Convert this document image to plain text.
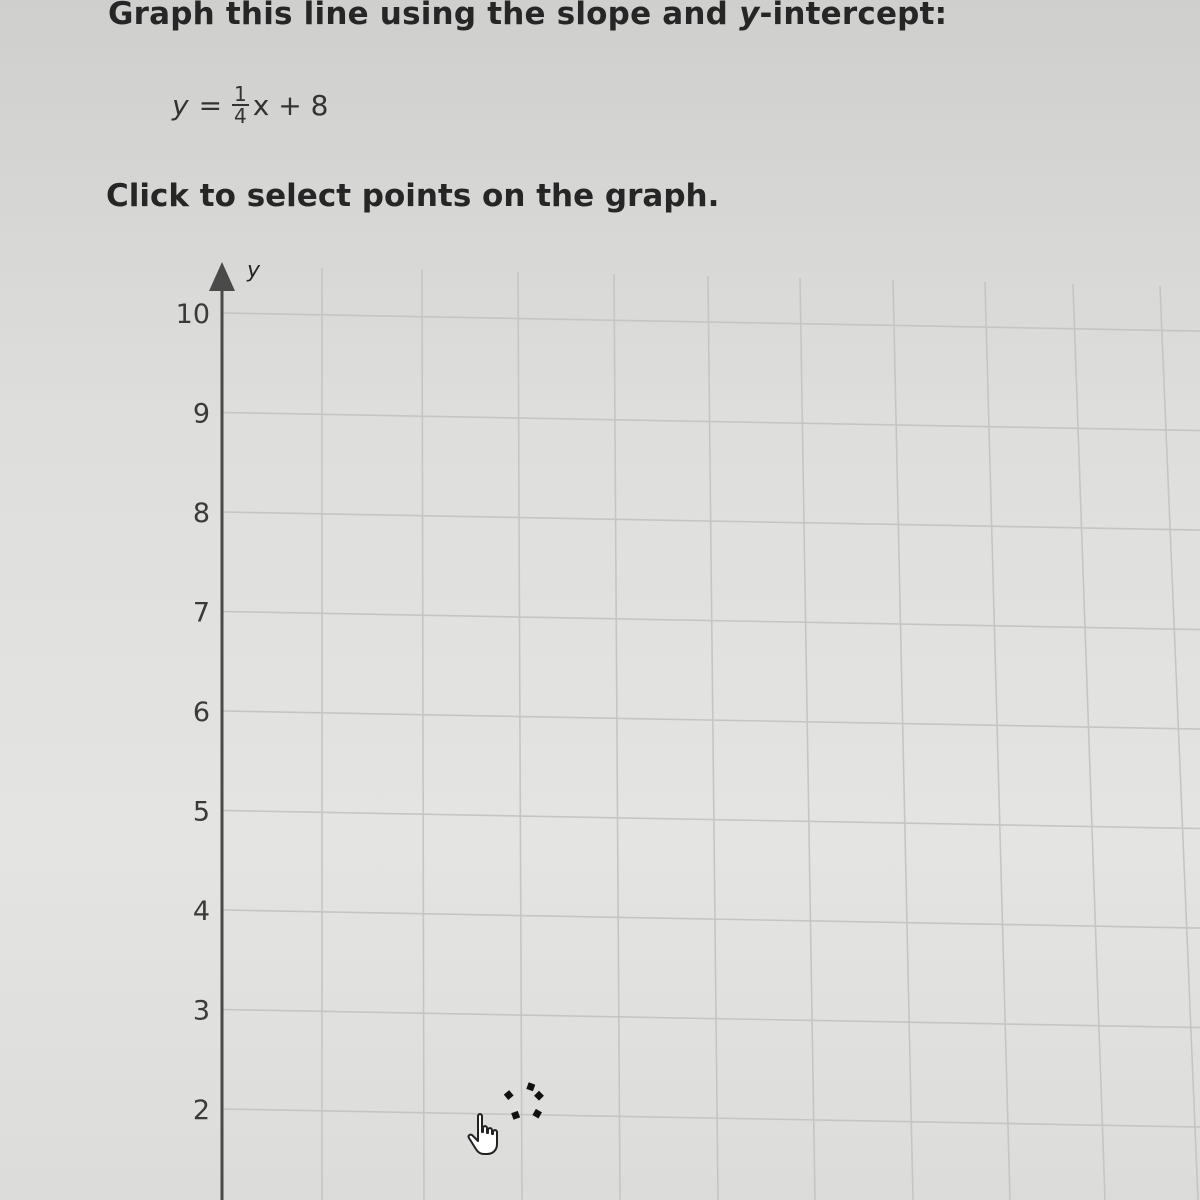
Graph this line using the slope and y-intercept:
$y = \frac{1}{4}$ x + 8
Click to select points on the graph.
y
10
9
8
7
6
5
4
3
2
